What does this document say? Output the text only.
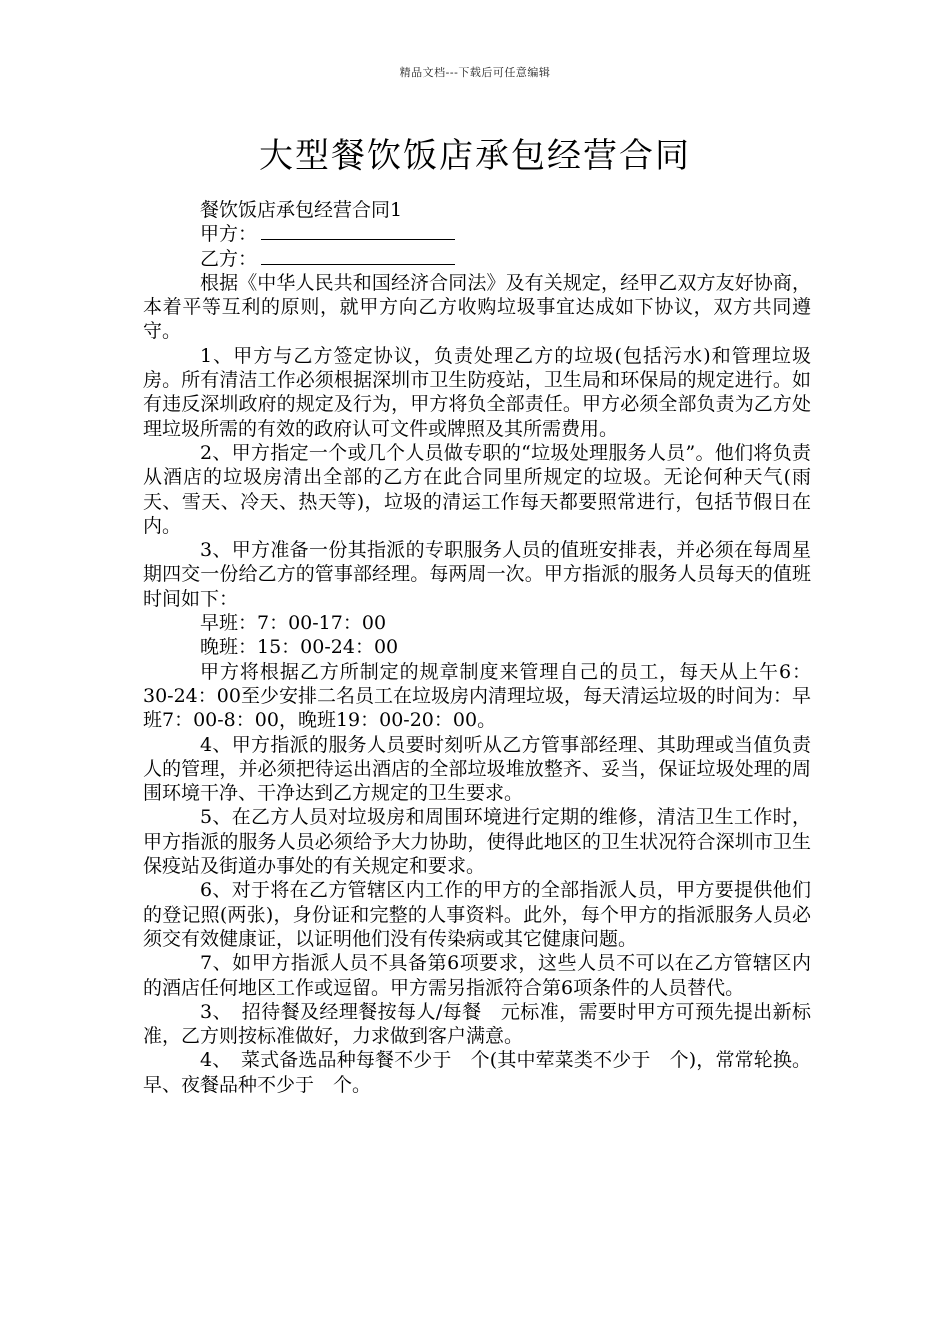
精品文档---下载后可任意编辑
大型餐饮饭店承包经营合同

餐饮饭店承包经营合同1

甲方：

乙方：

根据《中华人民共和国经济合同法》及有关规定，经甲乙双方友好协商，本着平等互利的原则，就甲方向乙方收购垃圾事宜达成如下协议，双方共同遵守。

1、甲方与乙方签定协议，负责处理乙方的垃圾(包括污水)和管理垃圾房。所有清洁工作必须根据深圳市卫生防疫站，卫生局和环保局的规定进行。如有违反深圳政府的规定及行为，甲方将负全部责任。甲方必须全部负责为乙方处理垃圾所需的有效的政府认可文件或牌照及其所需费用。

2、甲方指定一个或几个人员做专职的“垃圾处理服务人员”。他们将负责从酒店的垃圾房清出全部的乙方在此合同里所规定的垃圾。无论何种天气(雨天、雪天、冷天、热天等)，垃圾的清运工作每天都要照常进行，包括节假日在内。

3、甲方准备一份其指派的专职服务人员的值班安排表，并必须在每周星期四交一份给乙方的管事部经理。每两周一次。甲方指派的服务人员每天的值班时间如下：

早班：7：00-17：00

晚班：15：00-24：00

甲方将根据乙方所制定的规章制度来管理自己的员工，每天从上午6：30-24：00至少安排二名员工在垃圾房内清理垃圾，每天清运垃圾的时间为：早班7：00-8：00，晚班19：00-20：00。

4、甲方指派的服务人员要时刻听从乙方管事部经理、其助理或当值负责人的管理，并必须把待运出酒店的全部垃圾堆放整齐、妥当，保证垃圾处理的周围环境干净、干净达到乙方规定的卫生要求。

5、在乙方人员对垃圾房和周围环境进行定期的维修，清洁卫生工作时，甲方指派的服务人员必须给予大力协助，使得此地区的卫生状况符合深圳市卫生保疫站及街道办事处的有关规定和要求。

6、对于将在乙方管辖区内工作的甲方的全部指派人员，甲方要提供他们的登记照(两张)，身份证和完整的人事资料。此外，每个甲方的指派服务人员必须交有效健康证，以证明他们没有传染病或其它健康问题。

7、如甲方指派人员不具备第6项要求，这些人员不可以在乙方管辖区内的酒店任何地区工作或逗留。甲方需另指派符合第6项条件的人员替代。

3、　招待餐及经理餐按每人/每餐　元标准，需要时甲方可预先提出新标准，乙方则按标准做好，力求做到客户满意。

4、　菜式备选品种每餐不少于　个(其中荤菜类不少于　个)，常常轮换。早、夜餐品种不少于　个。
